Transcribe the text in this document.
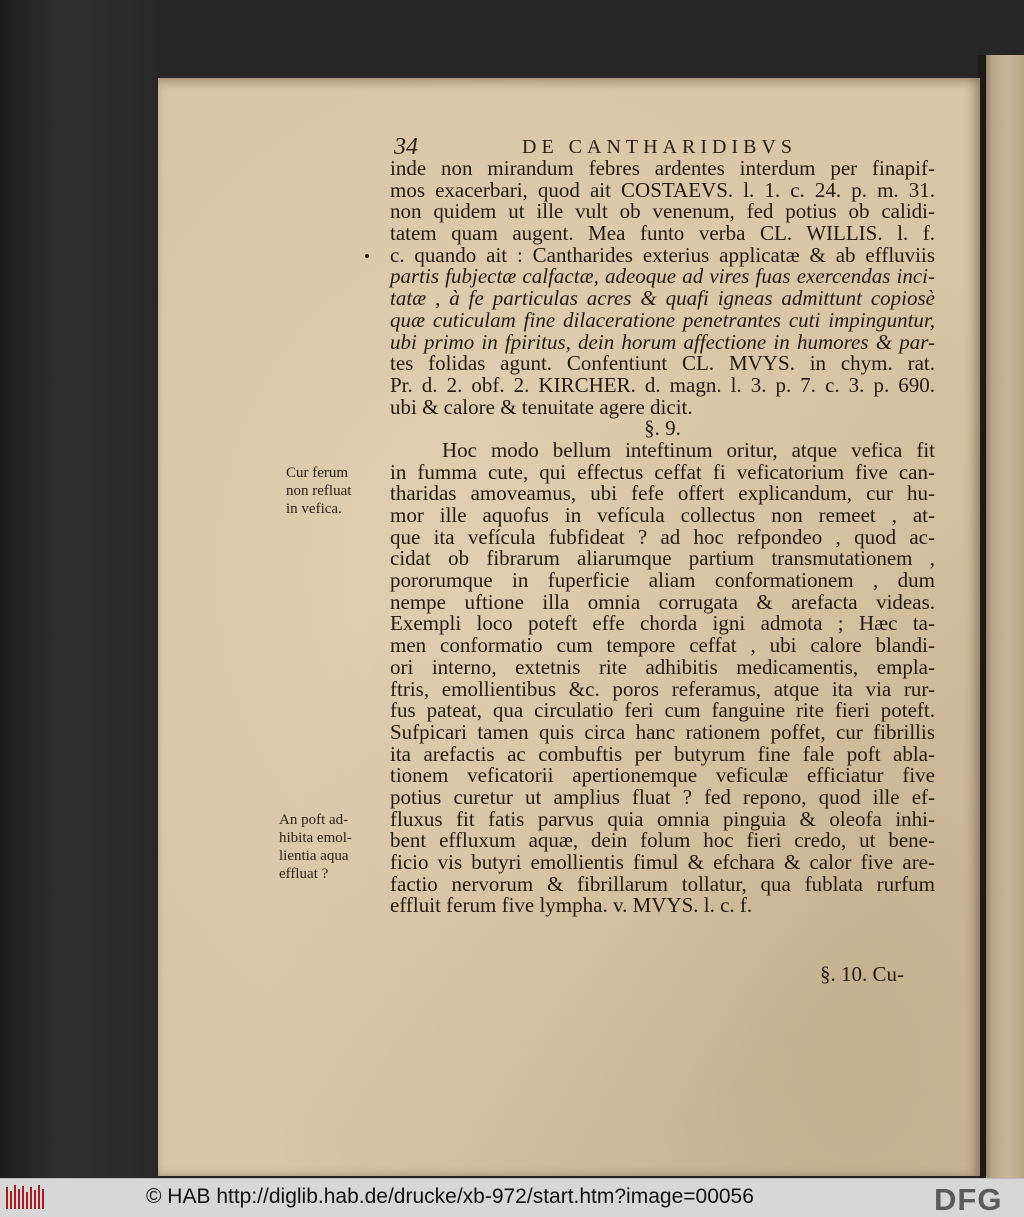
34	DE CANTHARIDIBVS
inde non mirandum febres ardentes interdum per finapif-
mos exacerbari, quod ait COSTAEVS. l. 1. c. 24. p. m. 31.
non quidem ut ille vult ob venenum, fed potius ob calidi-
tatem quam augent. Mea funto verba CL. WILLIS. l. f.
c. quando ait : Cantharides exterius applicatæ & ab effluviis
partis fubjectæ calfactæ, adeoque ad vires fuas exercendas inci-
tatæ , à fe particulas acres & quafi igneas admittunt copiosè
quæ cuticulam fine dilaceratione penetrantes cuti impinguntur,
ubi primo in fpiritus, dein horum affectione in humores & par-
tes folidas agunt. Confentiunt CL. MVYS. in chym. rat.
Pr. d. 2. obf. 2. KIRCHER. d. magn. l. 3. p. 7. c. 3. p. 690.
ubi & calore & tenuitate agere dicit.
§. 9.
Hoc modo bellum inteftinum oritur, atque vefica fit
in fumma cute, qui effectus ceffat fi veficatorium five can-
tharidas amoveamus, ubi fefe offert explicandum, cur hu-
mor ille aquofus in vefícula collectus non remeet , at-
que ita vefícula fubfideat ? ad hoc refpondeo , quod ac-
cidat ob fibrarum aliarumque partium transmutationem ,
pororumque in fuperficie aliam conformationem , dum
nempe uftione illa omnia corrugata & arefacta videas.
Exempli loco poteft effe chorda igni admota ; Hæc ta-
men conformatio cum tempore ceffat , ubi calore blandi-
ori interno, extetnis rite adhibitis medicamentis, empla-
ftris, emollientibus &c. poros referamus, atque ita via rur-
fus pateat, qua circulatio feri cum fanguine rite fieri poteft.
Sufpicari tamen quis circa hanc rationem poffet, cur fibrillis
ita arefactis ac combuftis per butyrum fine fale poft abla-
tionem veficatorii apertionemque veficulæ efficiatur five
potius curetur ut amplius fluat ? fed repono, quod ille ef-
fluxus fit fatis parvus quia omnia pinguia & oleofa inhi-
bent effluxum aquæ, dein folum hoc fieri credo, ut bene-
ficio vis butyri emollientis fimul & efchara & calor five are-
factio nervorum & fibrillarum tollatur, qua fublata rurfum
effluit ferum five lympha. v. MVYS. l. c. f.
§. 10. Cu-
Cur ferum
non refluat
in vefica.
An poft ad-
hibita emol-
lientia aqua
effluat ?
© HAB http://diglib.hab.de/drucke/xb-972/start.htm?image=00056	DFG
